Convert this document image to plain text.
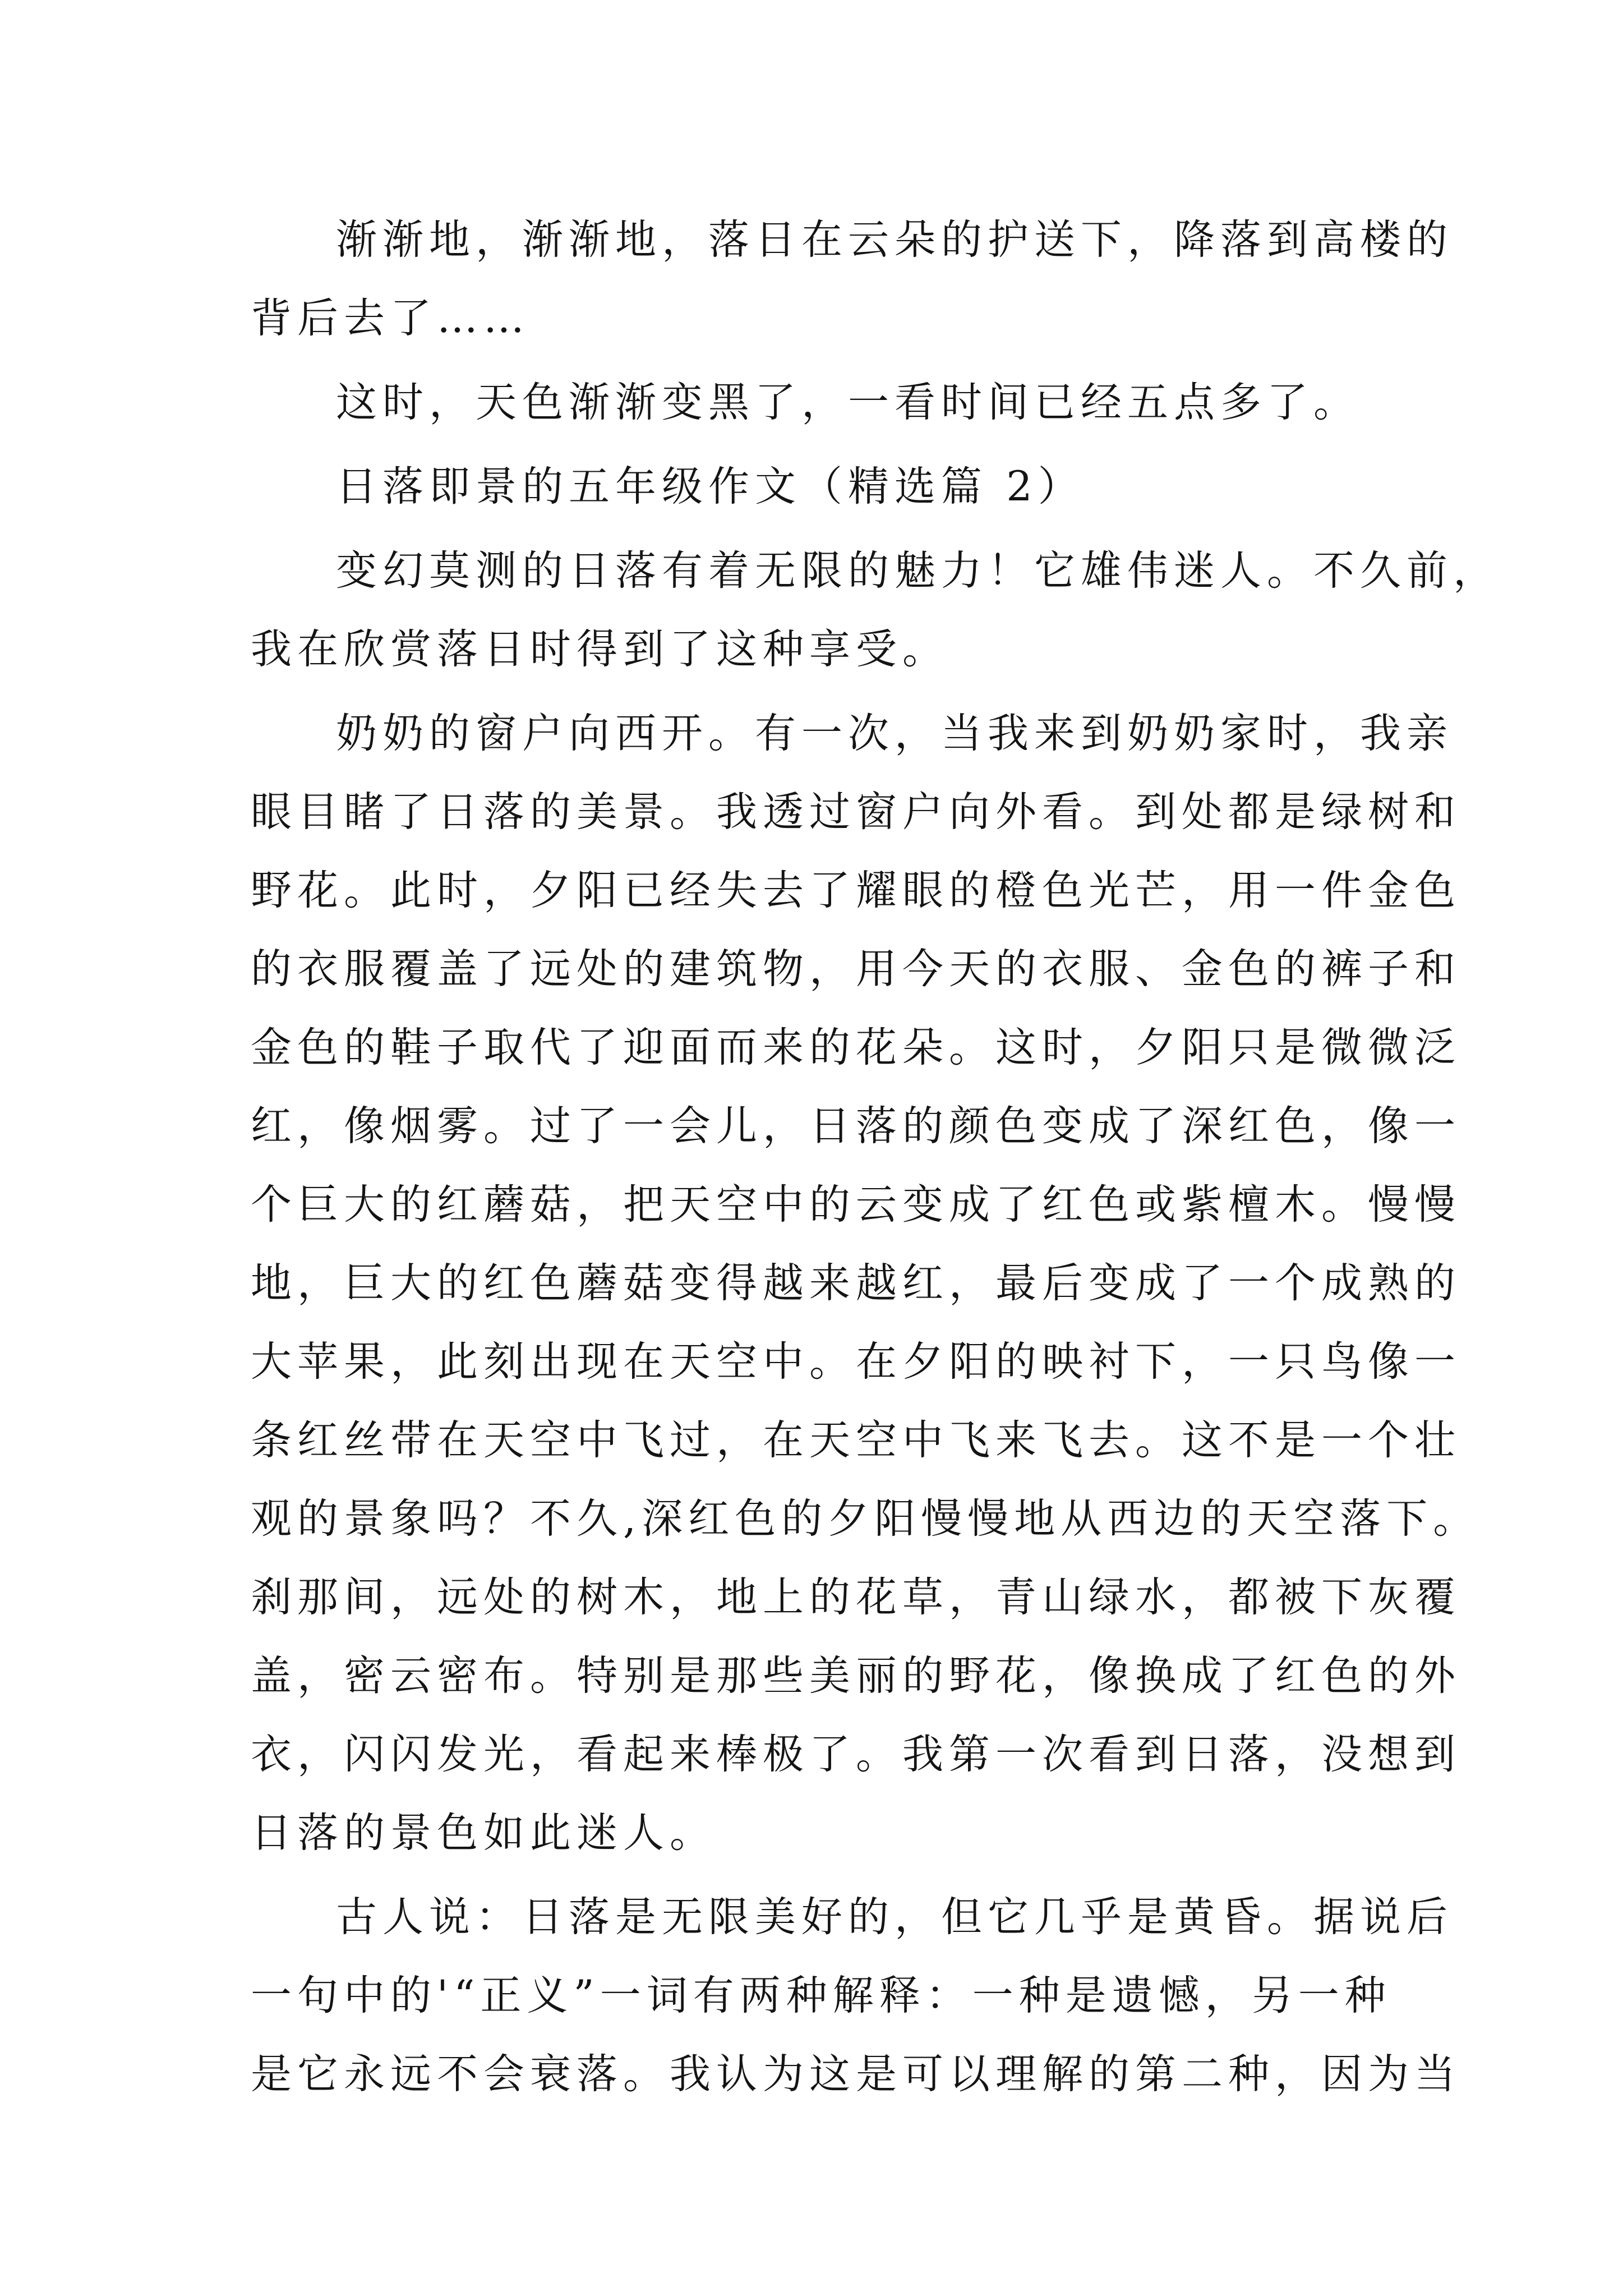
渐渐地，渐渐地，落日在云朵的护送下，降落到高楼的
背后去了……
这时，天色渐渐变黑了，一看时间已经五点多了。
日落即景的五年级作文（精选篇 2）
变幻莫测的日落有着无限的魅力！它雄伟迷人。不久前，
我在欣赏落日时得到了这种享受。
奶奶的窗户向西开。有一次，当我来到奶奶家时，我亲
眼目睹了日落的美景。我透过窗户向外看。到处都是绿树和
野花。此时，夕阳已经失去了耀眼的橙色光芒，用一件金色
的衣服覆盖了远处的建筑物，用今天的衣服、金色的裤子和
金色的鞋子取代了迎面而来的花朵。这时，夕阳只是微微泛
红，像烟雾。过了一会儿，日落的颜色变成了深红色，像一
个巨大的红蘑菇，把天空中的云变成了红色或紫檀木。慢慢
地，巨大的红色蘑菇变得越来越红，最后变成了一个成熟的
大苹果，此刻出现在天空中。在夕阳的映衬下，一只鸟像一
条红丝带在天空中飞过，在天空中飞来飞去。这不是一个壮
观的景象吗？不久,深红色的夕阳慢慢地从西边的天空落下。
刹那间，远处的树木，地上的花草，青山绿水，都被下灰覆
盖，密云密布。特别是那些美丽的野花，像换成了红色的外
衣，闪闪发光，看起来棒极了。我第一次看到日落，没想到
日落的景色如此迷人。
古人说：日落是无限美好的，但它几乎是黄昏。据说后
一句中的'“正义”一词有两种解释：一种是遗憾，另一种
是它永远不会衰落。我认为这是可以理解的第二种，因为当
